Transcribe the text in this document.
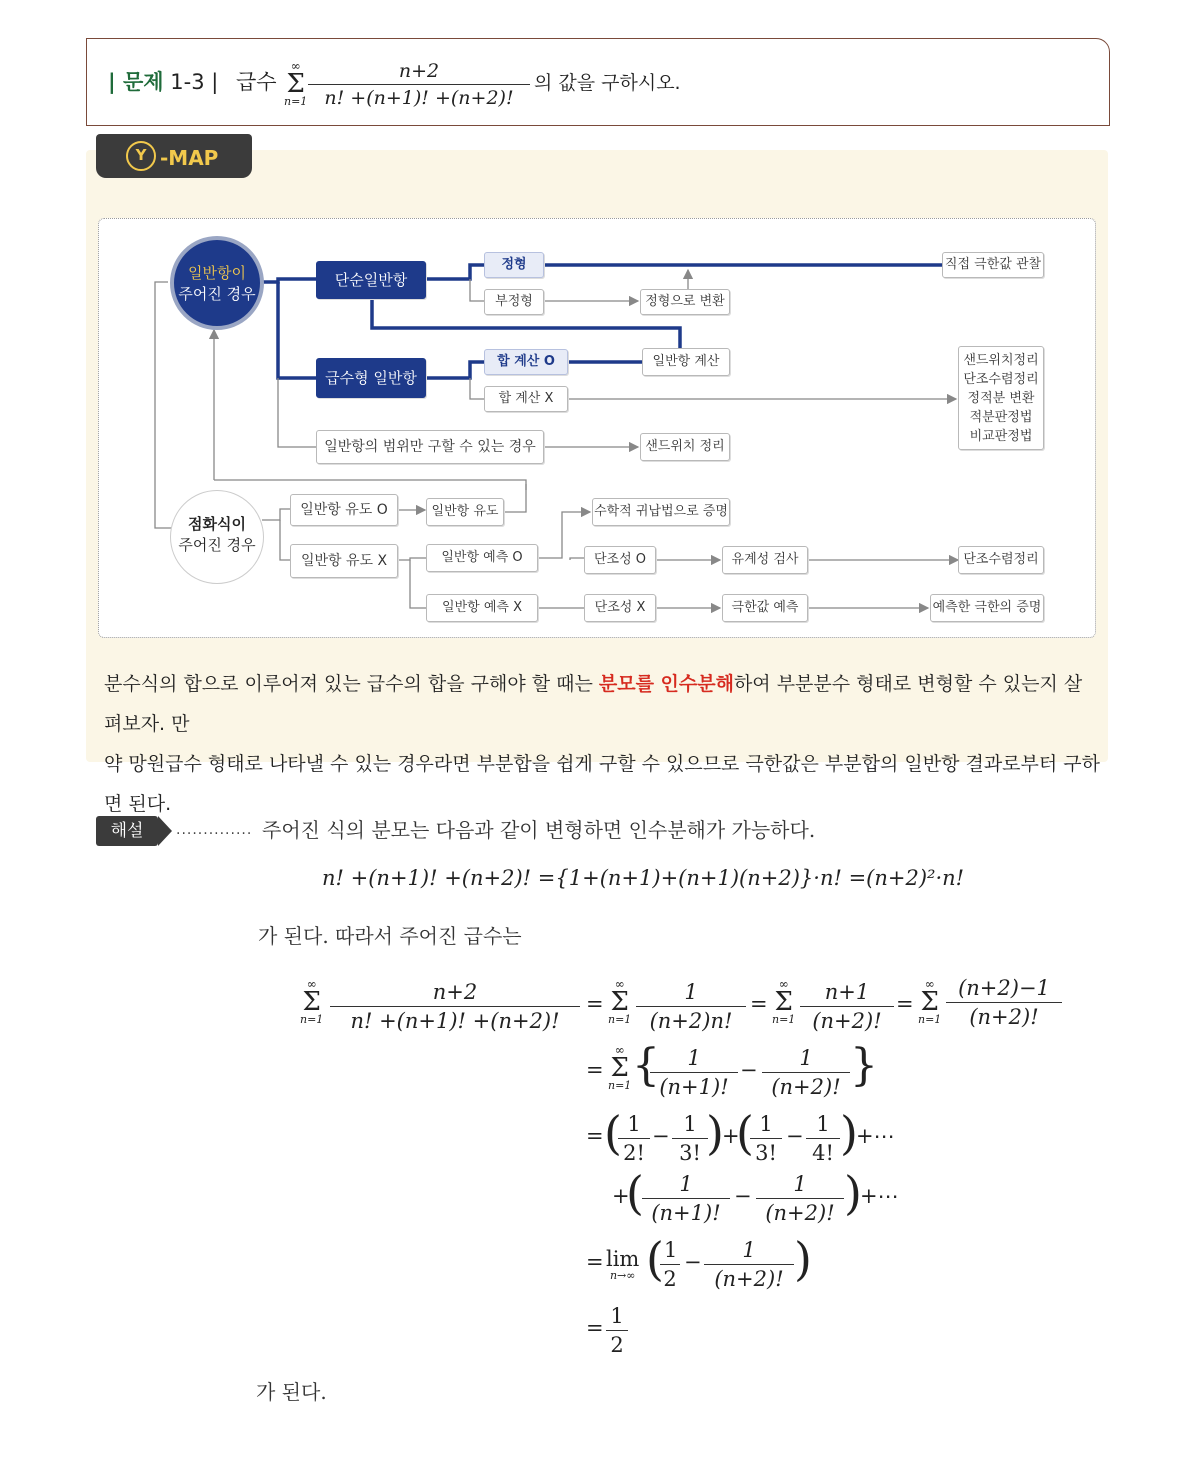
| 문제 1-3 | 급수
∞
Σ
$n=1 \frac{n+2}{n! +(n+1)! +(n+2)!}$ 의 값을 구하시오.
Y -MAP
일반항이
주어진 경우
점화식이
주어진 경우
단순일반항
급수형 일반항
정형
부정형	정형으로 변환
직접 극한값 관찰
합 계산 O
합 계산 X
일반항 계산	샌드위치정리
단조수렴정리
정적분 변환
적분판정법
비교판정법
일반항의 범위만 구할 수 있는 경우	샌드위치 정리
일반항 유도 O	일반항 유도
일반항 유도 X
수학적 귀납법으로 증명
일반항 예측 O
일반항 예측 X
단조성 O
단조성 X
유계성 검사
극한값 예측
단조수렴정리
예측한 극한의 증명
분수식의 합으로 이루어져 있는 급수의 합을 구해야 할 때는 분모를 인수분해하여 부분분수 형태로 변형할 수 있는지 살펴보자. 만
약 망원급수 형태로 나타낼 수 있는 경우라면 부분합을 쉽게 구할 수 있으므로 극한값은 부분합의 일반항 결과로부터 구하면 된다.
해설	.............. 주어진 식의 분모는 다음과 같이 변형하면 인수분해가 가능하다.
n! +(n+1)! +(n+2)! ={1+(n+1)+(n+1)(n+2)}·n! =(n+2)²·n!
가 된다. 따라서 주어진 급수는
∞
Σ
$n=1 \frac{n+2}{n! +(n+1)! +(n+2)!}$ =
∞
Σ
$n=1 \frac{1}{(n+2)n!}$ =
∞
Σ
$n=1 \frac{n+1}{(n+2)!}$ =
∞
Σ
$n=1 \frac{(n+2)-1}{(n+2)!}$
=
∞
Σ
n=1 {
$\frac{1}{(n+1)!} - \frac{1}{(n+2)!}$ }
= (
$\frac{1}{2!} - \frac{1}{3!}$
)
+
(
$\frac{1}{3!} - \frac{1}{4!}$ )
+⋯
+
(
$\frac{1}{(n+1)!} - \frac{1}{(n+2)!}$ )
+⋯
= lim
n→∞ (
$\frac{1}{2} - \frac{1}{(n+2)!}$ )
= $\frac{1}{2}$
가 된다.
